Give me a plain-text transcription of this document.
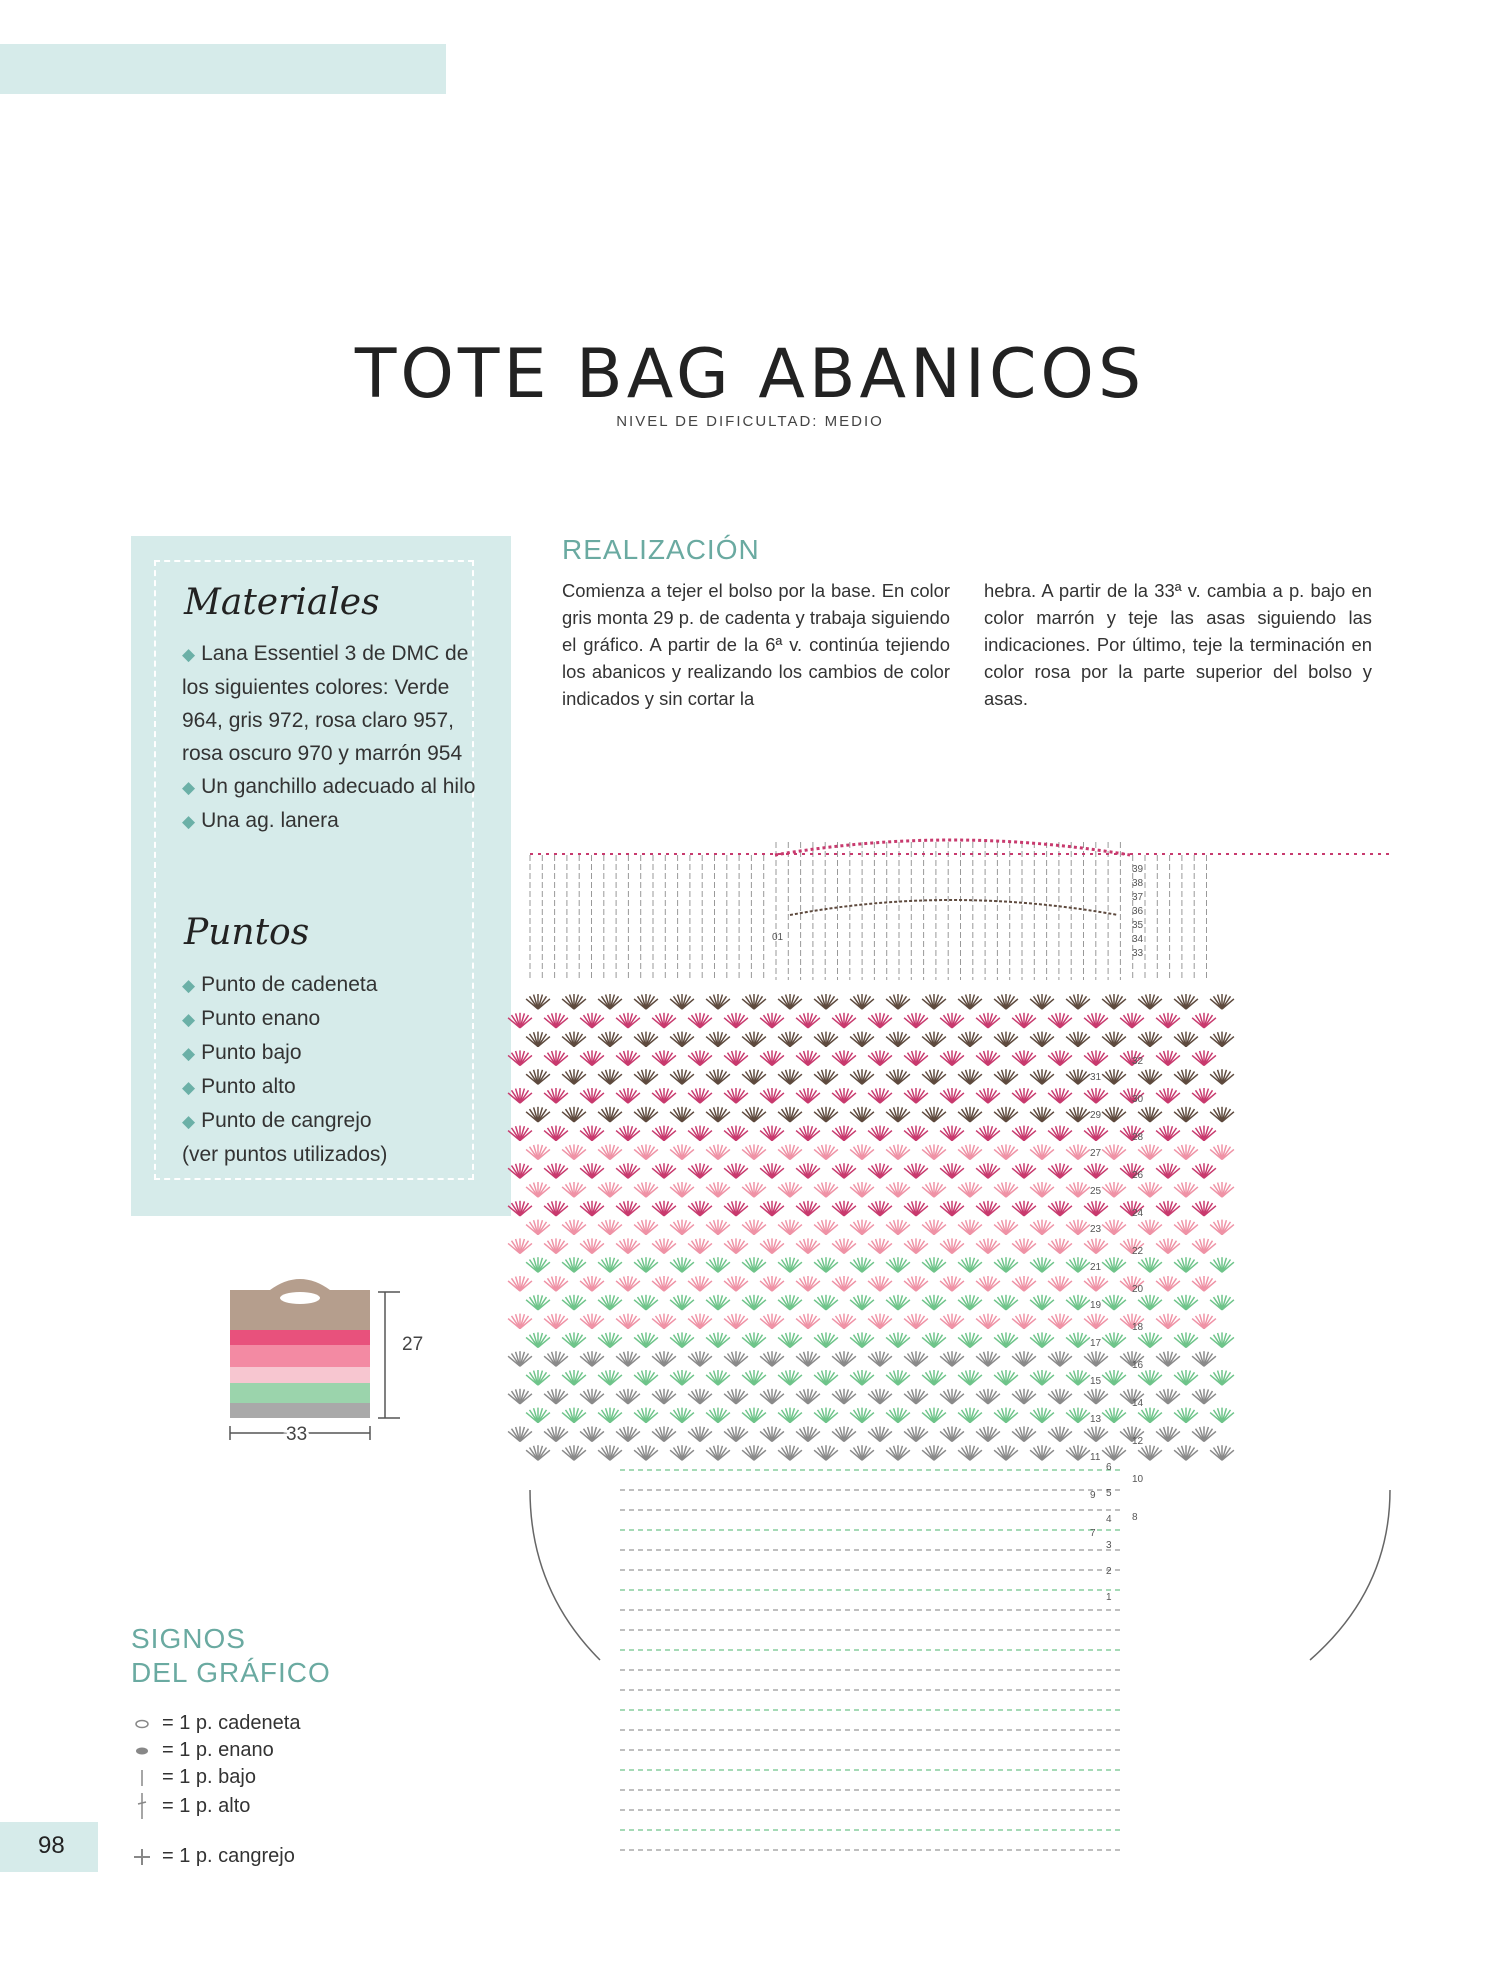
TOTE BAG ABANICOS
NIVEL DE DIFICULTAD: MEDIO
Materiales

◆ Lana Essentiel 3 de DMC de los siguientes colores: Verde 964, gris 972, rosa claro 957, rosa oscuro 970 y marrón 954

◆ Un ganchillo adecuado al hilo

◆ Una ag. lanera

Puntos

◆ Punto de cadeneta

◆ Punto enano

◆ Punto bajo

◆ Punto alto

◆ Punto de cangrejo

(ver puntos utilizados)

REALIZACIÓN
Comienza a tejer el bolso por la base. En color gris monta 29 p. de cadenta y trabaja siguiendo el gráfico. A partir de la 6ª v. continúa tejiendo los abanicos y realizando los cambios de color indicados y sin cortar la
hebra. A partir de la 33ª v. cambia a p. bajo en color marrón y teje las asas siguiendo las indicaciones. Por último, teje la terminación en color rosa por la parte superior del bolso y asas.
27
33
31
29
27
25
23
21
19
17
15
13
11
9
7
32
30
28
26
24
22
20
18
16
14
12
10
8
39
38
37
36
35
34
33
6
5
4
3
2
1
01
SIGNOS
DEL GRÁFICO
= 1 p. cadeneta
= 1 p. enano
= 1 p. bajo
= 1 p. alto
= 1 p. cangrejo
98
